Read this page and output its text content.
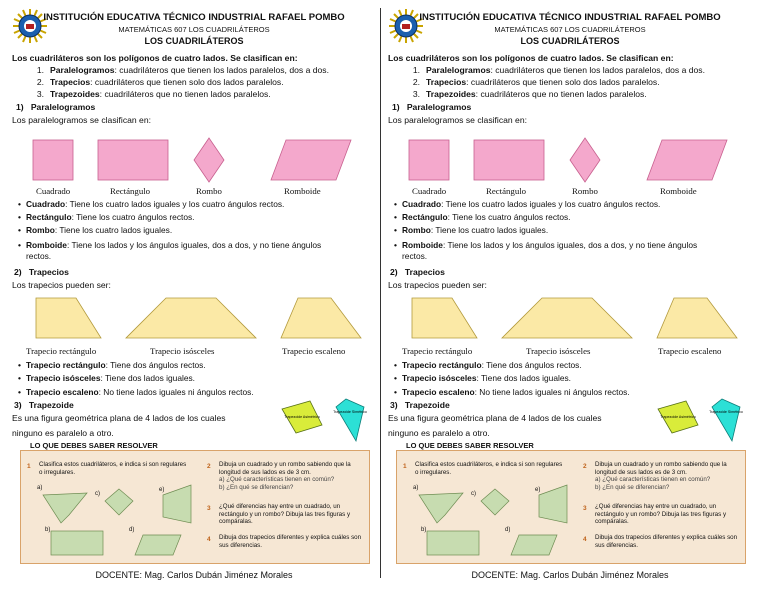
INSTITUCIÓN EDUCATIVA TÉCNICO INDUSTRIAL RAFAEL POMBO
MATEMÁTICAS 607 LOS CUADRILÁTEROS
LOS CUADRILÁTEROS
Los cuadriláteros son los polígonos de cuatro lados. Se clasifican en:
1. Paralelogramos: cuadriláteros que tienen los lados paralelos, dos a dos.
2. Trapecios: cuadriláteros que tienen solo dos lados paralelos.
3. Trapezoides: cuadriláteros que no tienen lados paralelos.
1) Paralelogramos
Los paralelogramos se clasifican en:
Cuadrado	Rectángulo	Rombo	Romboide
• Cuadrado: Tiene los cuatro lados iguales y los cuatro ángulos rectos.
• Rectángulo: Tiene los cuatro ángulos rectos.
• Rombo: Tiene los cuatro lados iguales.
• Romboide: Tiene los lados y los ángulos iguales, dos a dos, y no tiene ángulos
rectos.
2) Trapecios
Los trapecios pueden ser:
Trapecio rectángulo	Trapecio isósceles	Trapecio escaleno
• Trapecio rectángulo: Tiene dos ángulos rectos.
• Trapecio isósceles: Tiene dos lados iguales.
• Trapecio escaleno: No tiene lados iguales ni ángulos rectos.
3) Trapezoide
Es una figura geométrica plana de 4 lados de los cuales
ninguno es paralelo a otro.
Trapezoide Asimétrico
Trapezoide Simétrico
LO QUE DEBES SABER RESOLVER
1 Clasifica estos cuadriláteros, e indica si son regulares o irregulares.
a)
b)
c)
d)
e)
2 Dibuja un cuadrado y un rombo sabiendo que la longitud de sus lados es de 3 cm.
a) ¿Qué características tienen en común?
b) ¿En qué se diferencian?
3 ¿Qué diferencias hay entre un cuadrado, un rectángulo y un rombo? Dibuja las tres figuras y compáralas.
4 Dibuja dos trapecios diferentes y explica cuáles son sus diferencias.
DOCENTE: Mag. Carlos Dubán Jiménez Morales
INSTITUCIÓN EDUCATIVA TÉCNICO INDUSTRIAL RAFAEL POMBO
MATEMÁTICAS 607 LOS CUADRILÁTEROS
LOS CUADRILÁTEROS
Los cuadriláteros son los polígonos de cuatro lados. Se clasifican en:
1. Paralelogramos: cuadriláteros que tienen los lados paralelos, dos a dos.
2. Trapecios: cuadriláteros que tienen solo dos lados paralelos.
3. Trapezoides: cuadriláteros que no tienen lados paralelos.
1) Paralelogramos
Los paralelogramos se clasifican en:
Cuadrado	Rectángulo	Rombo	Romboide
• Cuadrado: Tiene los cuatro lados iguales y los cuatro ángulos rectos.
• Rectángulo: Tiene los cuatro ángulos rectos.
• Rombo: Tiene los cuatro lados iguales.
• Romboide: Tiene los lados y los ángulos iguales, dos a dos, y no tiene ángulos
rectos.
2) Trapecios
Los trapecios pueden ser:
Trapecio rectángulo	Trapecio isósceles	Trapecio escaleno
• Trapecio rectángulo: Tiene dos ángulos rectos.
• Trapecio isósceles: Tiene dos lados iguales.
• Trapecio escaleno: No tiene lados iguales ni ángulos rectos.
3) Trapezoide
Es una figura geométrica plana de 4 lados de los cuales
ninguno es paralelo a otro.
Trapezoide Asimétrico
Trapezoide Simétrico
LO QUE DEBES SABER RESOLVER
1 Clasifica estos cuadriláteros, e indica si son regulares o irregulares.
a)
b)
c)
d)
e)
2 Dibuja un cuadrado y un rombo sabiendo que la longitud de sus lados es de 3 cm.
a) ¿Qué características tienen en común?
b) ¿En qué se diferencian?
3 ¿Qué diferencias hay entre un cuadrado, un rectángulo y un rombo? Dibuja las tres figuras y compáralas.
4 Dibuja dos trapecios diferentes y explica cuáles son sus diferencias.
DOCENTE: Mag. Carlos Dubán Jiménez Morales
